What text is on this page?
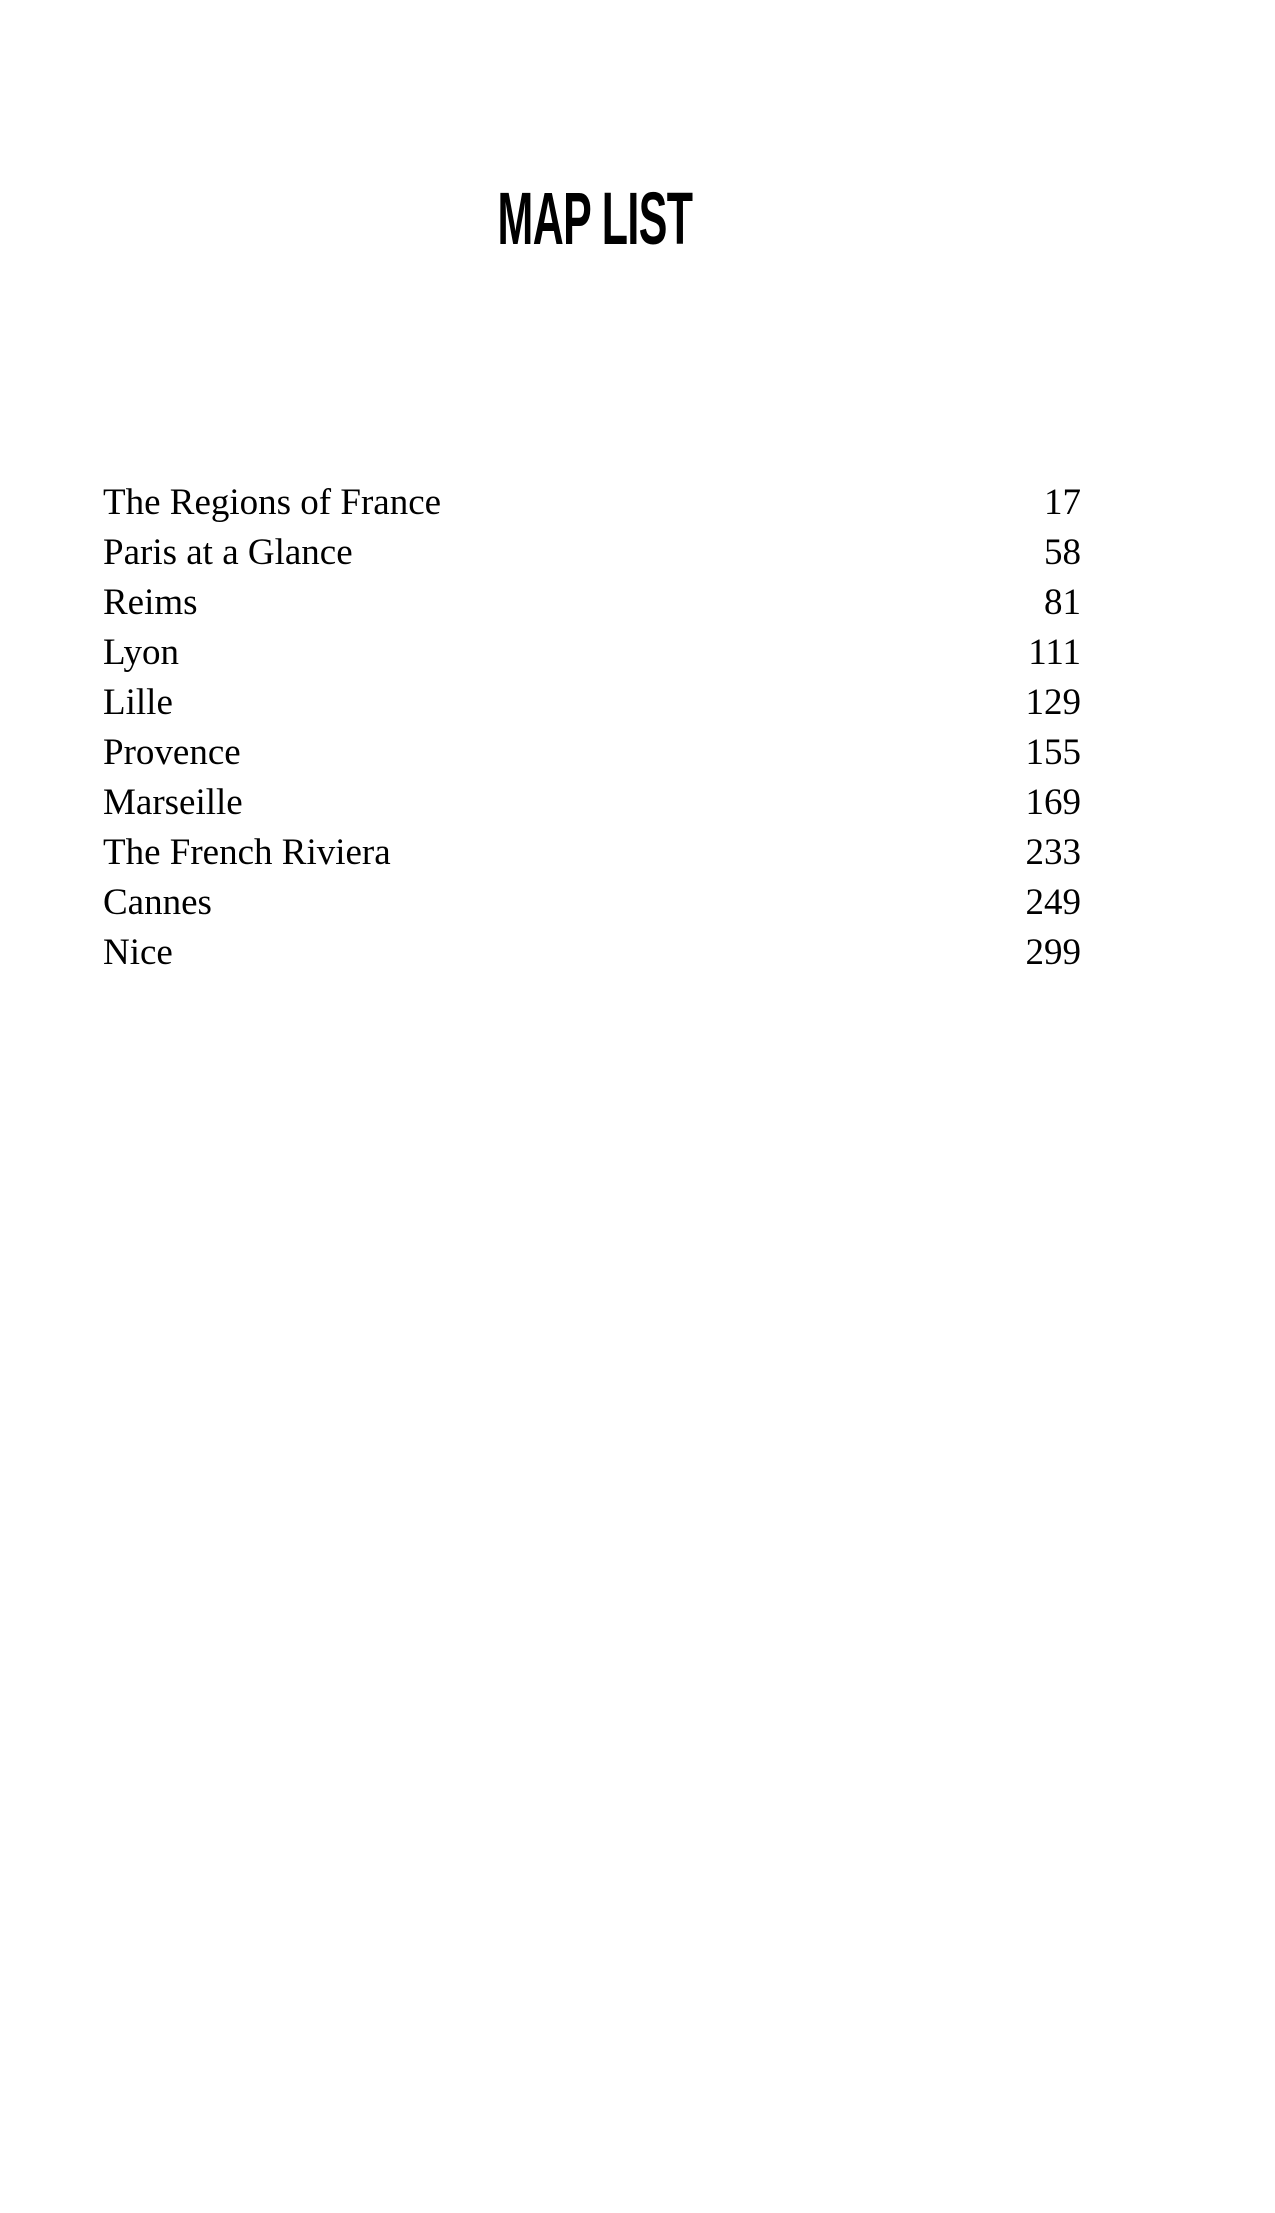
MAP LIST
The Regions of France	17
Paris at a Glance	58
Reims	81
Lyon	111
Lille	129
Provence	155
Marseille	169
The French Riviera	233
Cannes	249
Nice	299
